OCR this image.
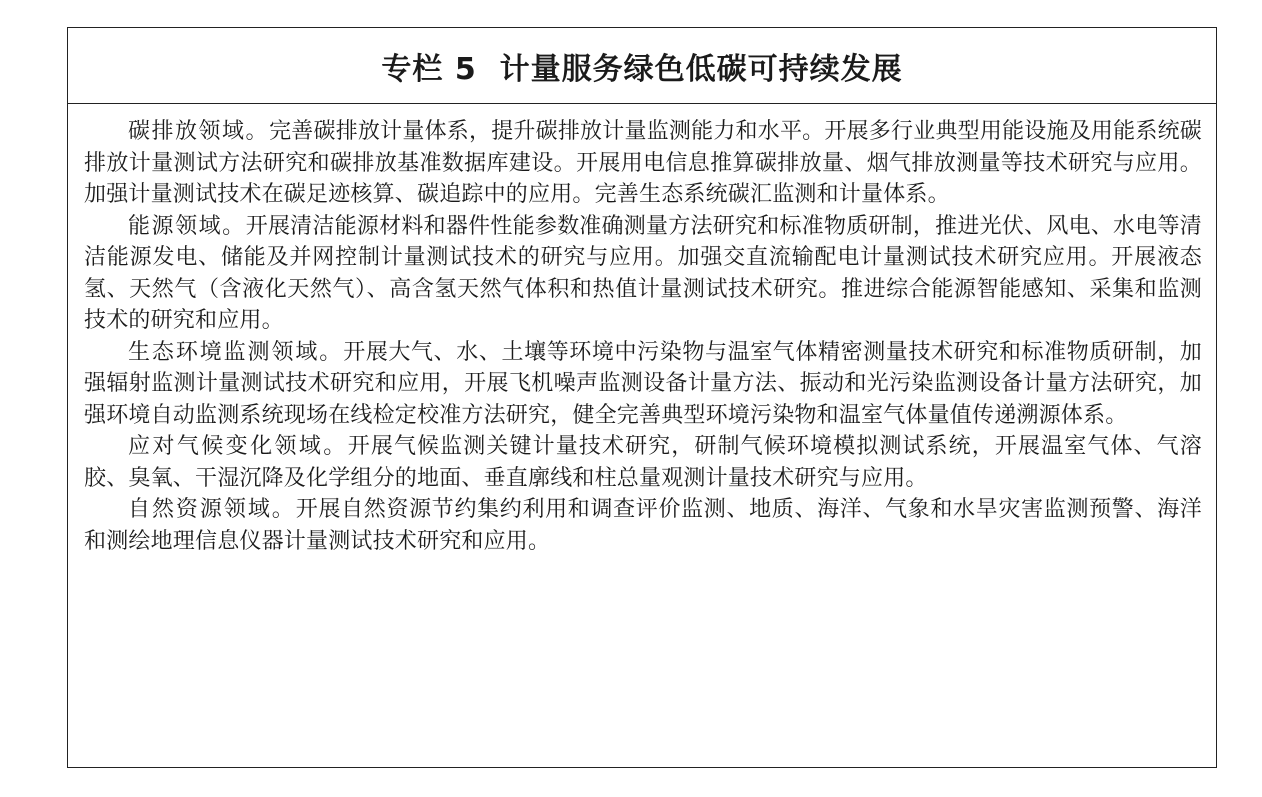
专栏 5  计量服务绿色低碳可持续发展

碳排放领域。完善碳排放计量体系，提升碳排放计量监测能力和水平。开展多行业典型用能设施及用能系统碳排放计量测试方法研究和碳排放基准数据库建设。开展用电信息推算碳排放量、烟气排放测量等技术研究与应用。加强计量测试技术在碳足迹核算、碳追踪中的应用。完善生态系统碳汇监测和计量体系。

能源领域。开展清洁能源材料和器件性能参数准确测量方法研究和标准物质研制，推进光伏、风电、水电等清洁能源发电、储能及并网控制计量测试技术的研究与应用。加强交直流输配电计量测试技术研究应用。开展液态氢、天然气（含液化天然气）、高含氢天然气体积和热值计量测试技术研究。推进综合能源智能感知、采集和监测技术的研究和应用。

生态环境监测领域。开展大气、水、土壤等环境中污染物与温室气体精密测量技术研究和标准物质研制，加强辐射监测计量测试技术研究和应用，开展飞机噪声监测设备计量方法、振动和光污染监测设备计量方法研究，加强环境自动监测系统现场在线检定校准方法研究，健全完善典型环境污染物和温室气体量值传递溯源体系。

应对气候变化领域。开展气候监测关键计量技术研究，研制气候环境模拟测试系统，开展温室气体、气溶胶、臭氧、干湿沉降及化学组分的地面、垂直廓线和柱总量观测计量技术研究与应用。

自然资源领域。开展自然资源节约集约利用和调查评价监测、地质、海洋、气象和水旱灾害监测预警、海洋和测绘地理信息仪器计量测试技术研究和应用。
